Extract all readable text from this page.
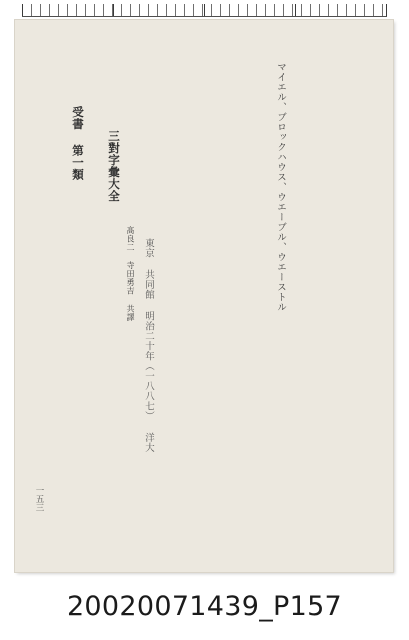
マイエル、ブロックハウス、ウエーブル、ウエーストル
東京 共同館 明治二十年（一八八七） 洋大
髙良二 寺田勇吉 共譯
三對字彙大全
受書 第一類
一五三
20020071439_P157
